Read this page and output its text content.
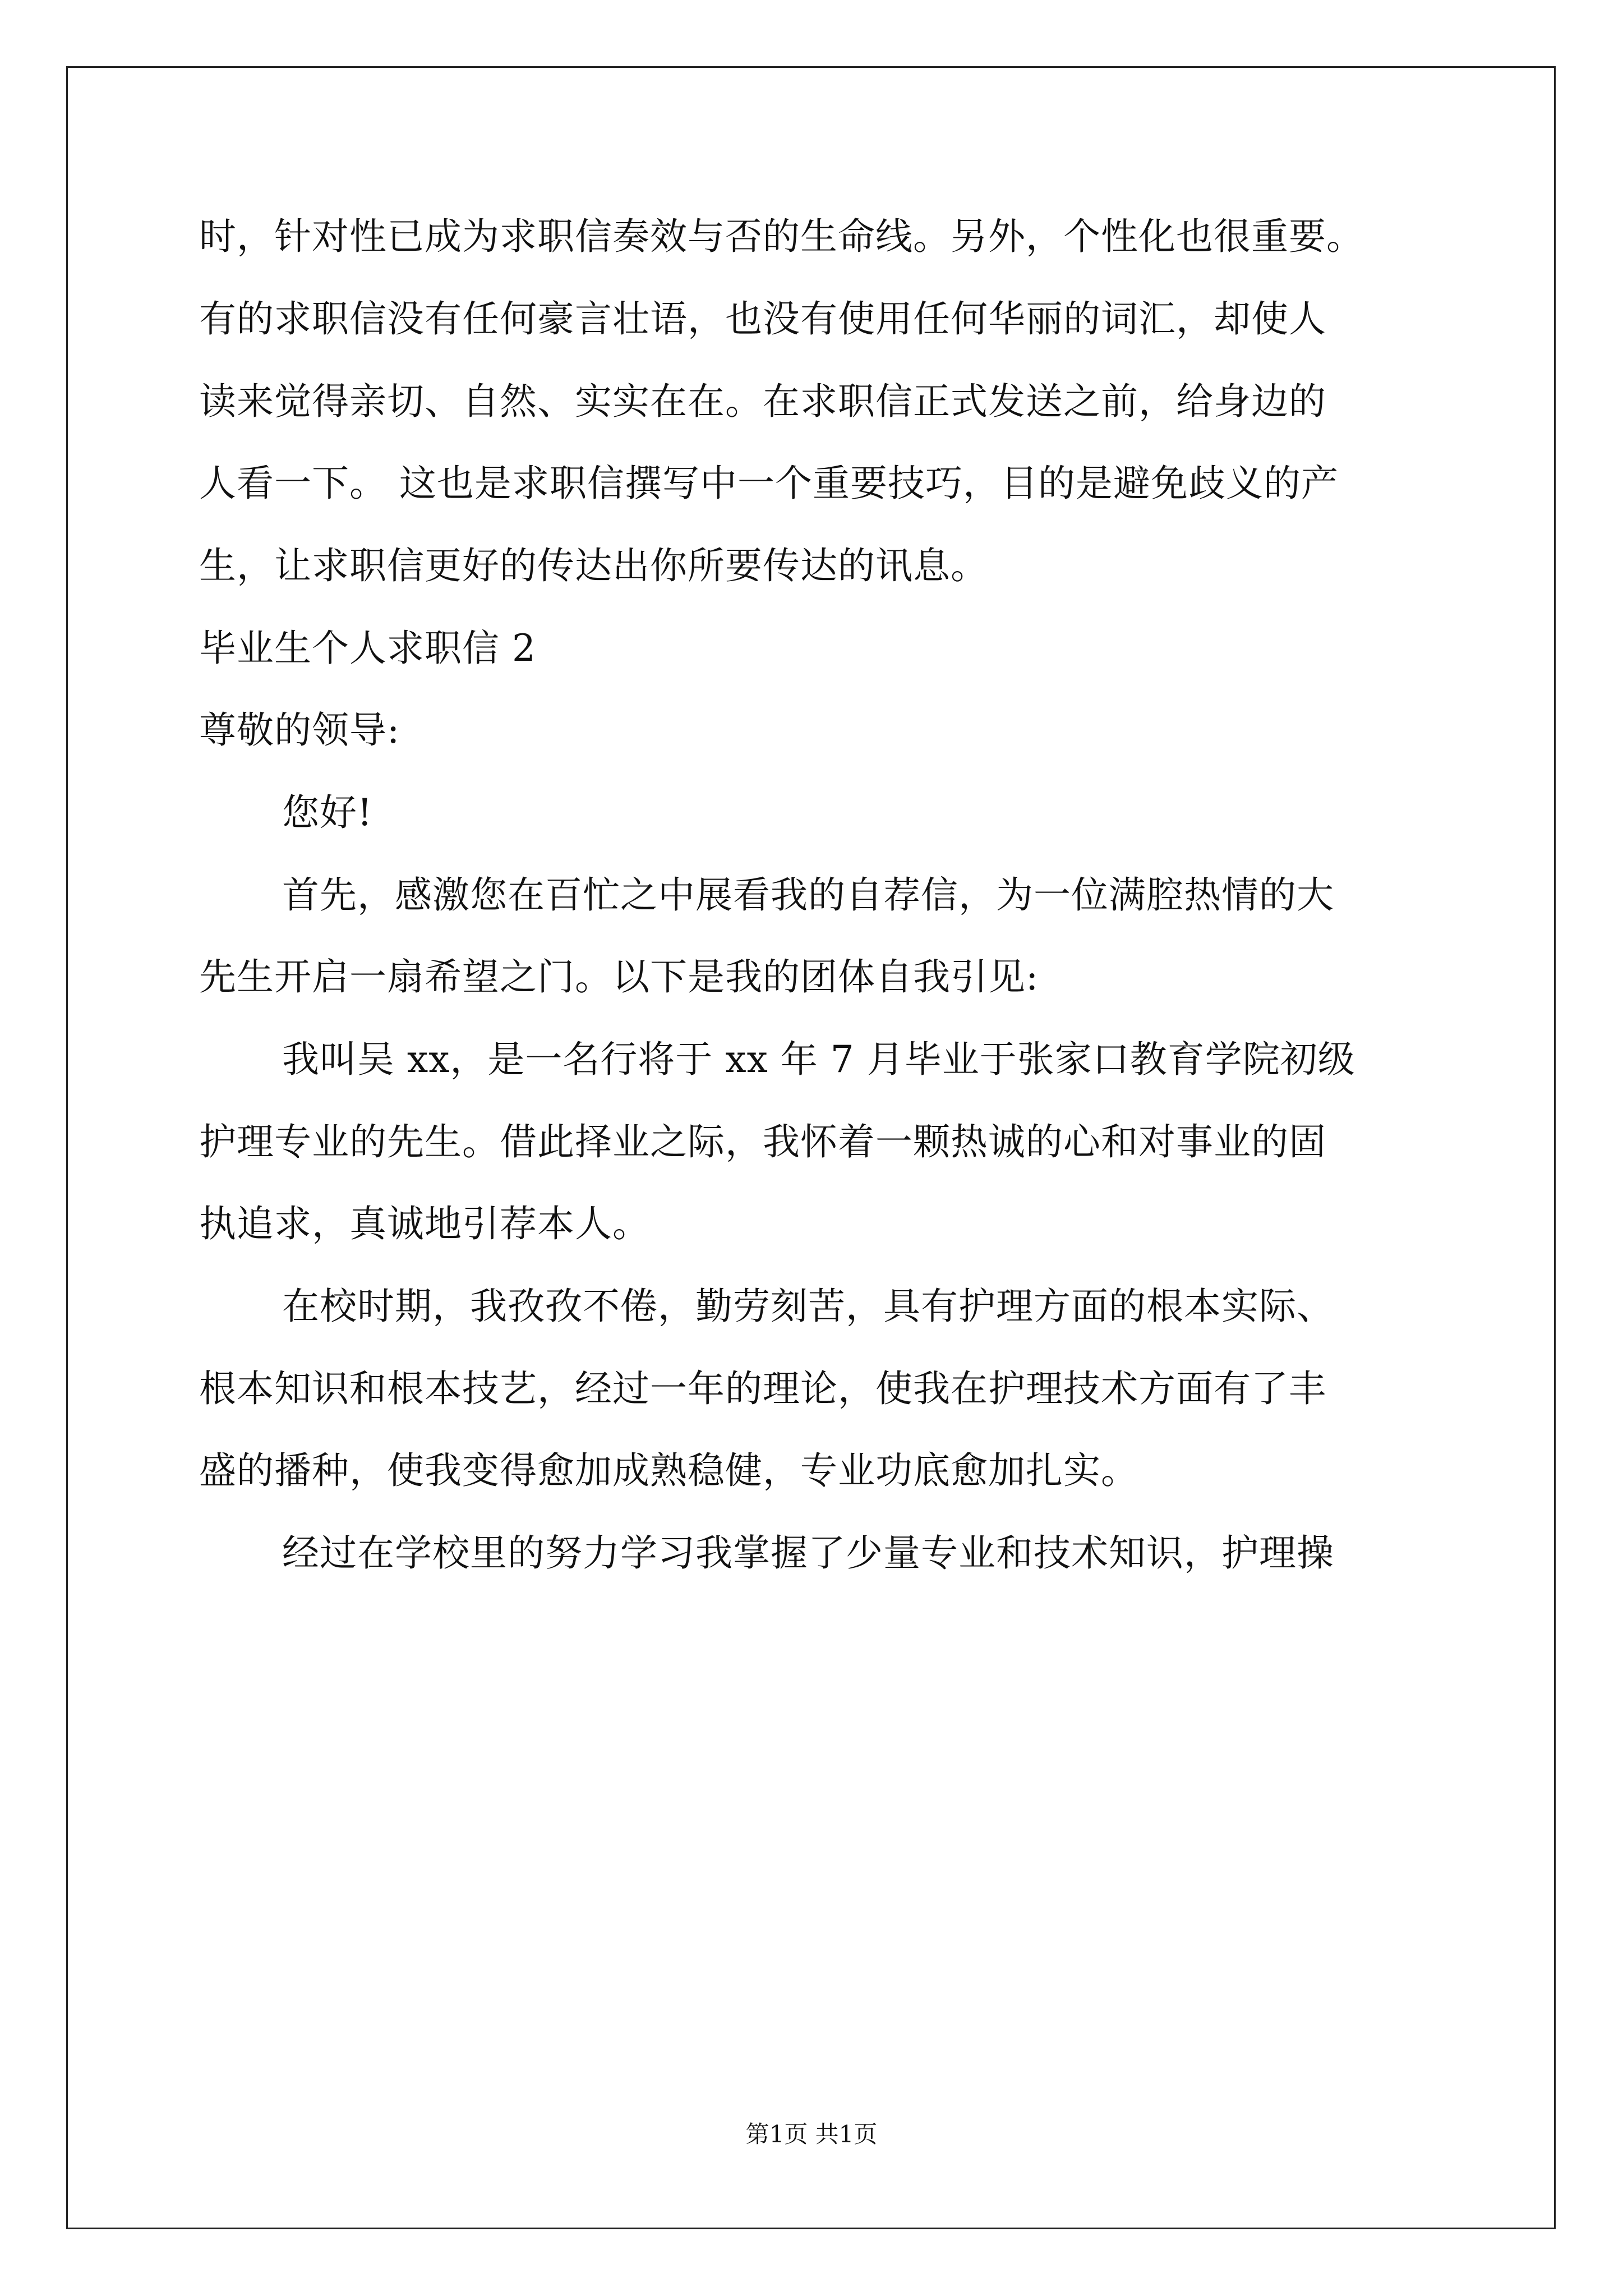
时，针对性已成为求职信奏效与否的生命线。另外，个性化也很重要。
有的求职信没有任何豪言壮语，也没有使用任何华丽的词汇，却使人
读来觉得亲切、自然、实实在在。在求职信正式发送之前，给身边的
人看一下。 这也是求职信撰写中一个重要技巧，目的是避免歧义的产
生，让求职信更好的传达出你所要传达的讯息。
毕业生个人求职信 2
尊敬的领导:
您好!
首先，感激您在百忙之中展看我的自荐信，为一位满腔热情的大
先生开启一扇希望之门。以下是我的团体自我引见:
我叫吴 xx，是一名行将于 xx 年 7 月毕业于张家口教育学院初级
护理专业的先生。借此择业之际，我怀着一颗热诚的心和对事业的固
执追求，真诚地引荐本人。
在校时期，我孜孜不倦，勤劳刻苦，具有护理方面的根本实际、
根本知识和根本技艺，经过一年的理论，使我在护理技术方面有了丰
盛的播种，使我变得愈加成熟稳健，专业功底愈加扎实。
经过在学校里的努力学习我掌握了少量专业和技术知识，护理操
第1页 共1页
